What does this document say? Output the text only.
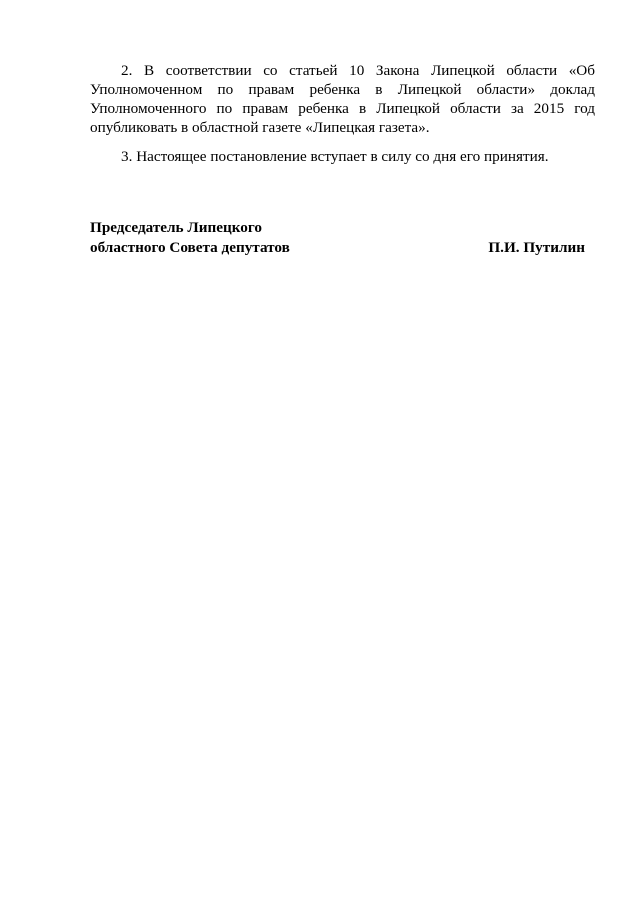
2. В соответствии со статьей 10 Закона Липецкой области «Об Уполномоченном по правам ребенка в Липецкой области» доклад Уполномоченного по правам ребенка в Липецкой области за 2015 год опубликовать в областной газете «Липецкая газета».

3. Настоящее постановление вступает в силу со дня его принятия.

Председатель Липецкого
областного Совета депутатов	П.И. Путилин
